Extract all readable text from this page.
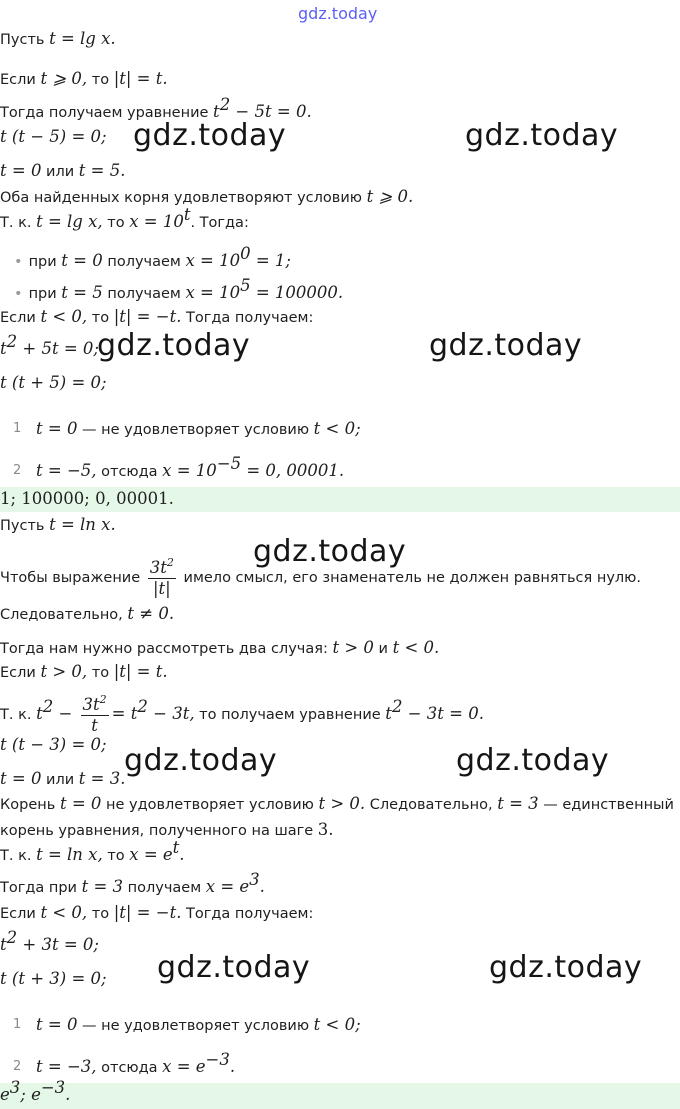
gdz.today
Пусть t = lg x.
Если t ⩾ 0, то |t| = t.
Тогда получаем уравнение $t^2 - 5t = 0$.
t (t − 5) = 0;
t = 0 или t = 5.
Оба найденных корня удовлетворяют условию t ⩾ 0.
Т. к. t = lg x, то $x = 10^t$. Тогда:
• при t = 0 получаем $x = 10^0 = 1$;
• при t = 5 получаем $x = 10^5 = 100000$.
Если t < 0, то |t| = −t. Тогда получаем:
$t^2 + 5t = 0$;
t (t + 5) = 0;
1 t = 0 — не удовлетворяет условию t < 0;
2 t = −5, отсюда $x = 10^{-5} = 0$, 00001.
1; 100000; 0, 00001.
Пусть t = ln x.
Чтобы выражение $\frac{3t^2}{|t|}$ имело смысл, его знаменатель не должен равняться нулю.
Следовательно, t ≠ 0.
Тогда нам нужно рассмотреть два случая: t > 0 и t < 0.
Если t > 0, то |t| = t.
Т. к. $t^2 - \frac{3t^2}{t} = t^2 - 3t$, то получаем уравнение $t^2 - 3t = 0$.
t (t − 3) = 0;
t = 0 или t = 3.
Корень t = 0 не удовлетворяет условию t > 0. Следовательно, t = 3 — единственный
корень уравнения, полученного на шаге 3.
Т. к. t = ln x, то $x = e^t$.
Тогда при t = 3 получаем $x = e^3$.
Если t < 0, то |t| = −t. Тогда получаем:
$t^2 + 3t = 0$;
t (t + 3) = 0;
1 t = 0 — не удовлетворяет условию t < 0;
2 t = −3, отсюда $x = e^{-3}$.
$e^3$; $e^{-3}$.
gdz.today	gdz.today
gdz.today	gdz.today
gdz.today
gdz.today	gdz.today
gdz.today	gdz.today
